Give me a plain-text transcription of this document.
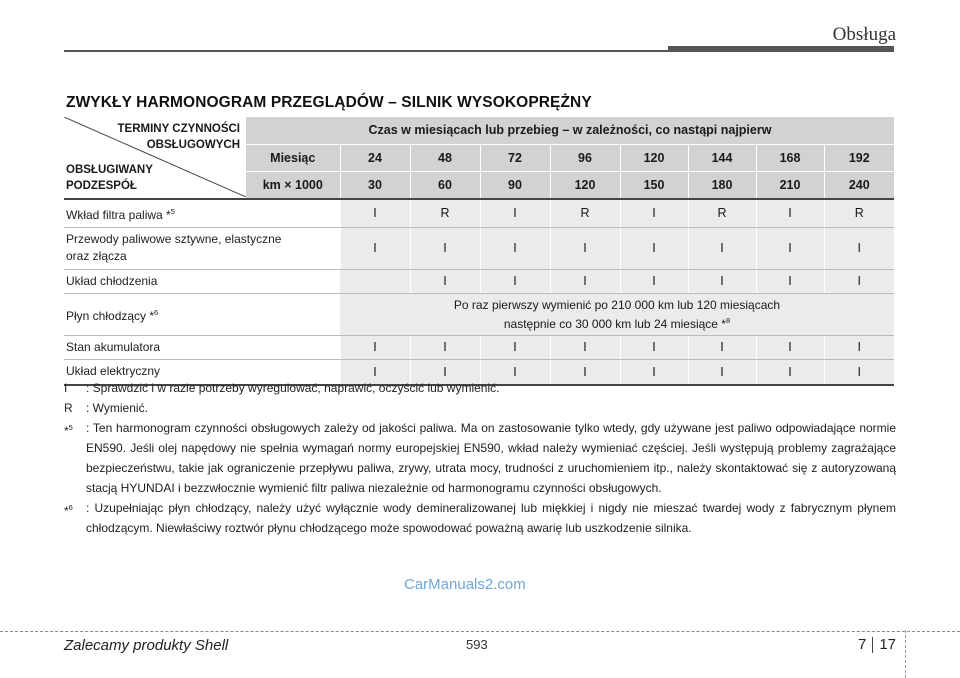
Obsługa
ZWYKŁY HARMONOGRAM PRZEGLĄDÓW – SILNIK WYSOKOPRĘŻNY
TERMINY CZYNNOŚCI
OBSŁUGOWYCH
OBSŁUGIWANY
PODZESPÓŁ	Czas w miesiącach lub przebieg – w zależności, co nastąpi najpierw								
	Miesiąc	24	48	72	96	120	144	168	192
	km × 1000	30	60	90	120	150	180	210	240
Wkład filtra paliwa *$^5$		I	R	I	R	I	R	I	R

Przewody paliwowe sztywne, elastyczne
oraz złącza		I	I	I	I	I	I	I	I
Układ chłodzenia			I	I	I	I	I	I	I
Płyn chłodzący *$^6$		Po raz pierwszy wymienić po 210 000 km lub 120 miesiącach
następnie co 30 000 km lub 24 miesiące *$^8$

Stan akumulatora		I	I	I	I	I	I	I	I
Układ elektryczny		I	I	I	I	I	I	I	I
I	: Sprawdzić i w razie potrzeby wyregulować, naprawić, oczyścić lub wymienić.
R	: Wymienić.
*$^5$	: Ten harmonogram czynności obsługowych zależy od jakości paliwa. Ma on zastosowanie tylko wtedy, gdy używane jest paliwo odpowiadające normie EN590. Jeśli olej napędowy nie spełnia wymagań normy europejskiej EN590, wkład należy wymieniać częściej. Jeśli występują problemy zagrażające bezpieczeństwu, takie jak ograniczenie przepływu paliwa, zrywy, utrata mocy, trudności z uruchomieniem itp., należy skontaktować się z autoryzowaną stacją HYUNDAI i bezzwłocznie wymienić filtr paliwa niezależnie od harmonogramu czynności obsługowych.
*$^6$	: Uzupełniając płyn chłodzący, należy użyć wyłącznie wody demineralizowanej lub miękkiej i nigdy nie mieszać twardej wody z fabrycznym płynem chłodzącym. Niewłaściwy roztwór płynu chłodzącego może spowodować poważną awarię lub uszkodzenie silnika.
CarManuals2.com
Zalecamy produkty Shell	593	7 17
